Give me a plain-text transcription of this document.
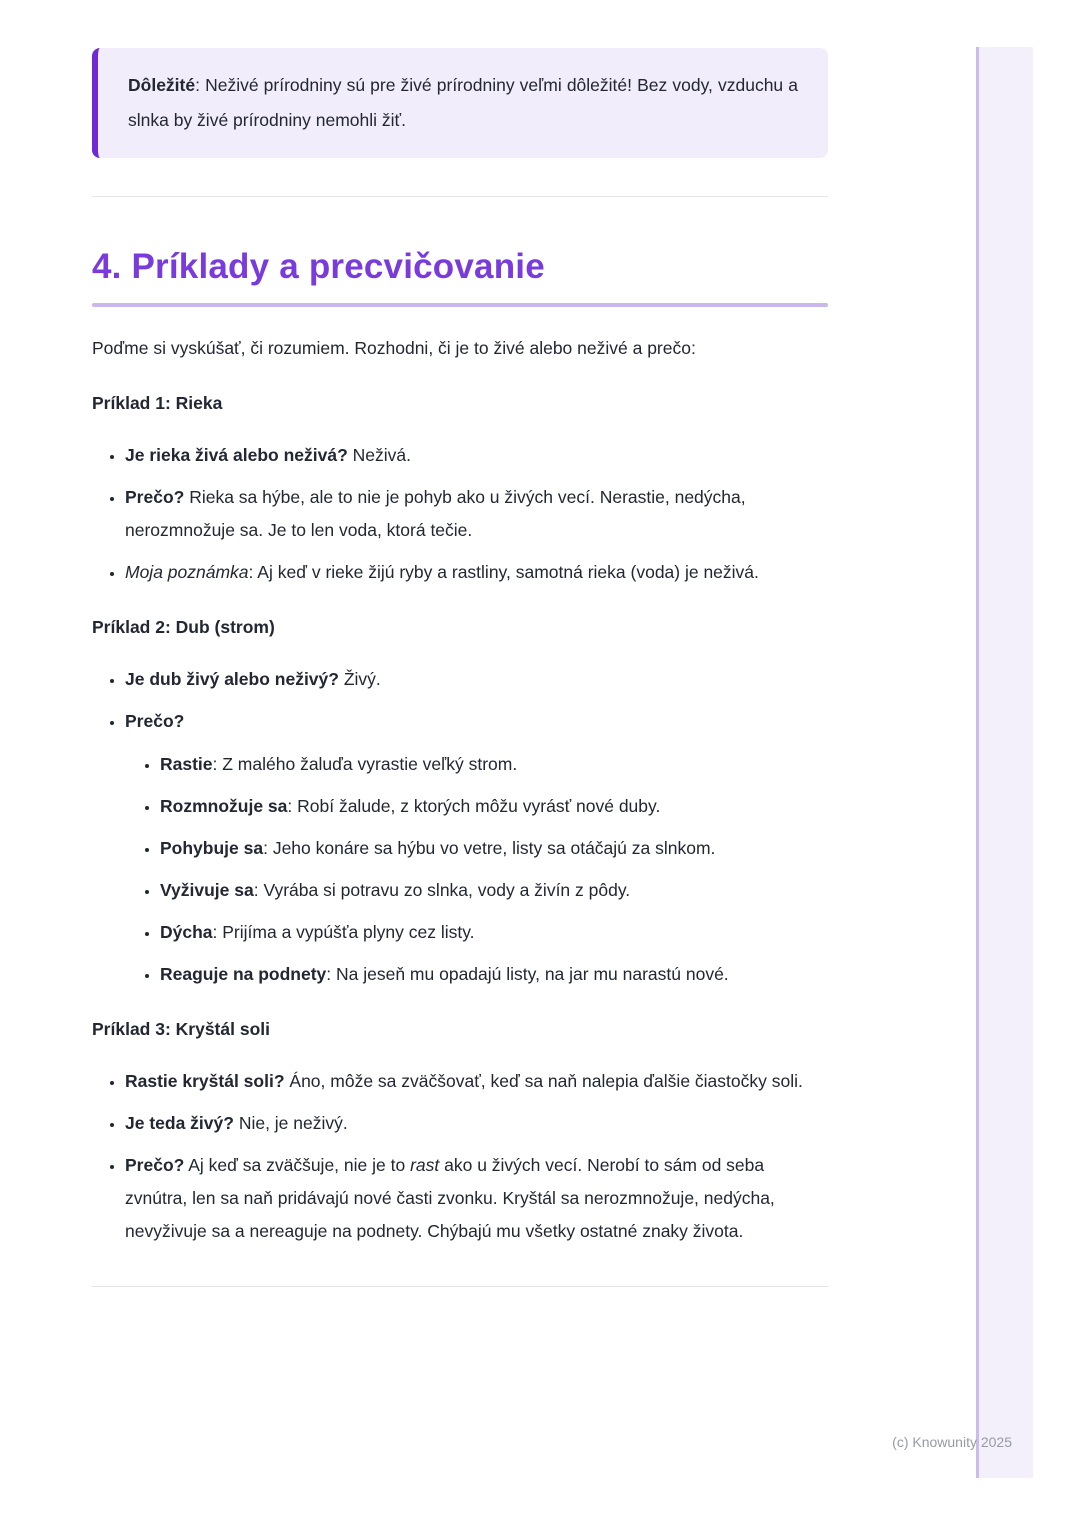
Dôležité: Neživé prírodniny sú pre živé prírodniny veľmi dôležité! Bez vody, vzduchu a slnka by živé prírodniny nemohli žiť.

4. Príklady a precvičovanie

Poďme si vyskúšať, či rozumiem. Rozhodni, či je to živé alebo neživé a prečo:

Príklad 1: Rieka
• Je rieka živá alebo neživá? Neživá.
• Prečo? Rieka sa hýbe, ale to nie je pohyb ako u živých vecí. Nerastie, nedýcha, nerozmnožuje sa. Je to len voda, ktorá tečie.
• Moja poznámka: Aj keď v rieke žijú ryby a rastliny, samotná rieka (voda) je neživá.
Príklad 2: Dub (strom)
• Je dub živý alebo neživý? Živý.
• Prečo?
• Rastie: Z malého žaluďa vyrastie veľký strom.
• Rozmnožuje sa: Robí žalude, z ktorých môžu vyrásť nové duby.
• Pohybuje sa: Jeho konáre sa hýbu vo vetre, listy sa otáčajú za slnkom.
• Vyživuje sa: Vyrába si potravu zo slnka, vody a živín z pôdy.
• Dýcha: Prijíma a vypúšťa plyny cez listy.
• Reaguje na podnety: Na jeseň mu opadajú listy, na jar mu narastú nové.
Príklad 3: Kryštál soli
• Rastie kryštál soli? Áno, môže sa zväčšovať, keď sa naň nalepia ďalšie čiastočky soli.
• Je teda živý? Nie, je neživý.
• Prečo? Aj keď sa zväčšuje, nie je to rast ako u živých vecí. Nerobí to sám od seba zvnútra, len sa naň pridávajú nové časti zvonku. Kryštál sa nerozmnožuje, nedýcha, nevyživuje sa a nereaguje na podnety. Chýbajú mu všetky ostatné znaky života.
(c) Knowunity 2025
